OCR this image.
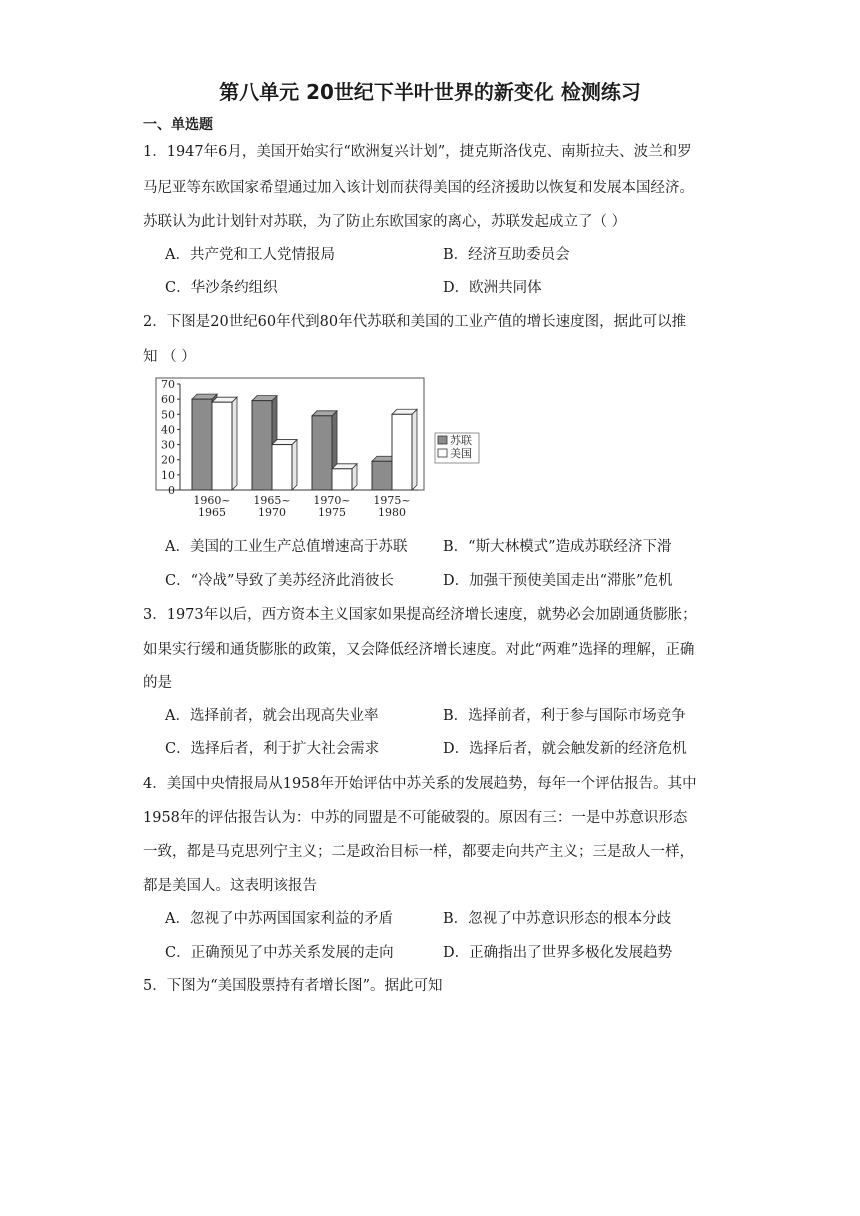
第八单元 20世纪下半叶世界的新变化 检测练习
一、单选题
1．1947年6月，美国开始实行“欧洲复兴计划”，捷克斯洛伐克、南斯拉夫、波兰和罗
马尼亚等东欧国家希望通过加入该计划而获得美国的经济援助以恢复和发展本国经济。
苏联认为此计划针对苏联，为了防止东欧国家的离心，苏联发起成立了（ ）
A．共产党和工人党情报局	B．经济互助委员会
C．华沙条约组织	D．欧洲共同体
2．下图是20世纪60年代到80年代苏联和美国的工业产值的增长速度图，据此可以推
知 （ ）
0
10
20
30
40
50
60
70
1960~
1965
1965~
1970
1970~
1975
1975~
1980
苏联
美国
A．美国的工业生产总值增速高于苏联 B．“斯大林模式”造成苏联经济下滑
C．“冷战”导致了美苏经济此消彼长	D．加强干预使美国走出“滞胀”危机
3．1973年以后，西方资本主义国家如果提高经济增长速度，就势必会加剧通货膨胀；
如果实行缓和通货膨胀的政策，又会降低经济增长速度。对此“两难”选择的理解，正确
的是
A．选择前者，就会出现高失业率	B．选择前者，利于参与国际市场竞争
C．选择后者，利于扩大社会需求	D．选择后者，就会触发新的经济危机
4．美国中央情报局从1958年开始评估中苏关系的发展趋势，每年一个评估报告。其中
1958年的评估报告认为：中苏的同盟是不可能破裂的。原因有三：一是中苏意识形态
一致，都是马克思列宁主义；二是政治目标一样，都要走向共产主义；三是敌人一样，
都是美国人。这表明该报告
A．忽视了中苏两国国家利益的矛盾	B．忽视了中苏意识形态的根本分歧
C．正确预见了中苏关系发展的走向	D．正确指出了世界多极化发展趋势
5．下图为“美国股票持有者增长图”。据此可知
